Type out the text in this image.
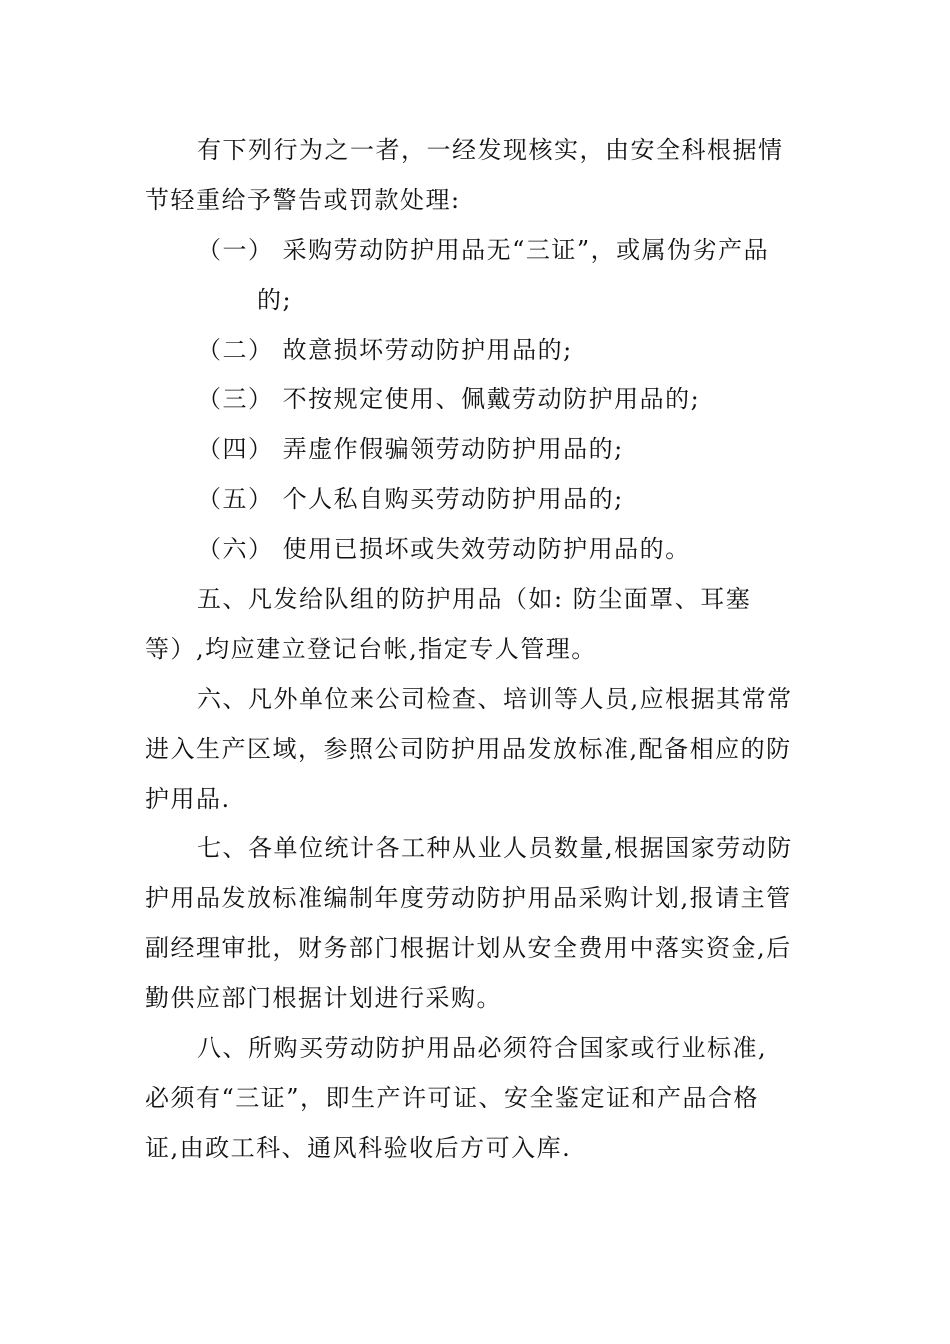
有下列行为之一者，一经发现核实，由安全科根据情
节轻重给予警告或罚款处理:
（一） 采购劳动防护用品无“三证”，或属伪劣产品
的;
（二） 故意损坏劳动防护用品的;
（三） 不按规定使用、佩戴劳动防护用品的;
（四） 弄虚作假骗领劳动防护用品的;
（五） 个人私自购买劳动防护用品的;
（六） 使用已损坏或失效劳动防护用品的。
五、凡发给队组的防护用品（如: 防尘面罩、耳塞
等）,均应建立登记台帐,指定专人管理。
六、凡外单位来公司检查、培训等人员,应根据其常常
进入生产区域，参照公司防护用品发放标准,配备相应的防
护用品.
七、各单位统计各工种从业人员数量,根据国家劳动防
护用品发放标准编制年度劳动防护用品采购计划,报请主管
副经理审批，财务部门根据计划从安全费用中落实资金,后
勤供应部门根据计划进行采购。
八、所购买劳动防护用品必须符合国家或行业标准,
必须有“三证”，即生产许可证、安全鉴定证和产品合格
证,由政工科、通风科验收后方可入库.
